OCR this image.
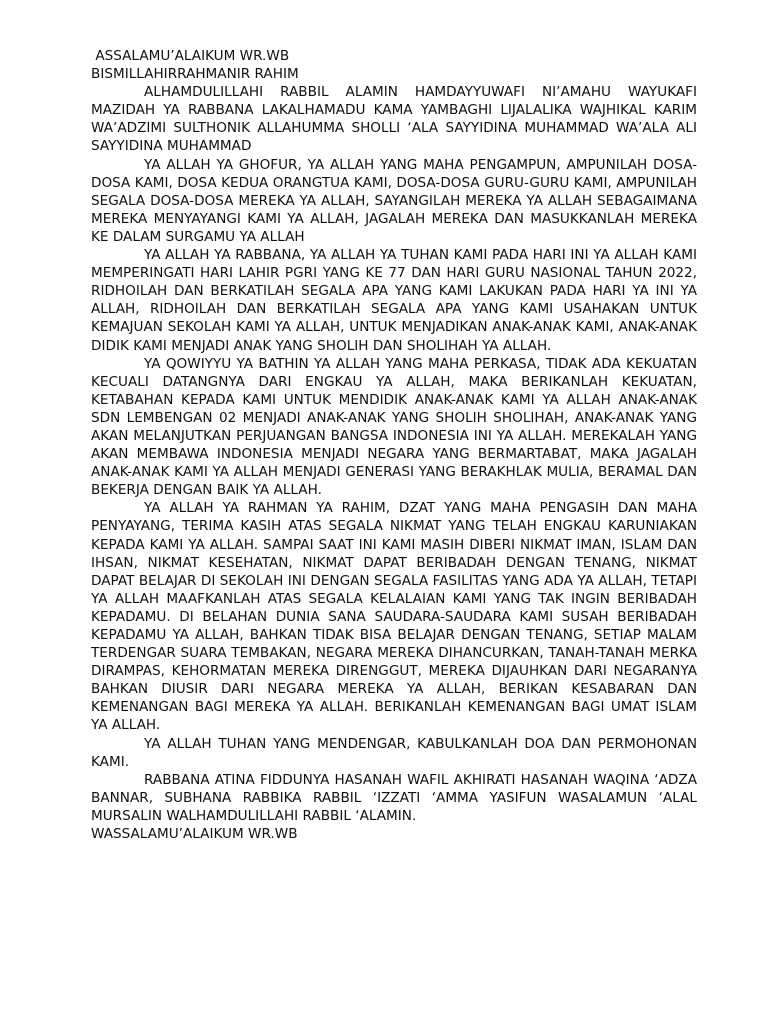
ASSALAMU’ALAIKUM WR.WB

BISMILLAHIRRAHMANIR RAHIM

ALHAMDULILLAHI RABBIL ALAMIN HAMDAYYUWAFI NI’AMAHU WAYUKAFI MAZIDAH YA RABBANA LAKALHAMADU KAMA YAMBAGHI LIJALALIKA WAJHIKAL KARIM WA’ADZIMI SULTHONIK ALLAHUMMA SHOLLI ‘ALA SAYYIDINA MUHAMMAD WA’ALA ALI SAYYIDINA MUHAMMAD

YA ALLAH YA GHOFUR, YA ALLAH YANG MAHA PENGAMPUN, AMPUNILAH DOSA-DOSA KAMI, DOSA KEDUA ORANGTUA KAMI, DOSA-DOSA GURU-GURU KAMI, AMPUNILAH SEGALA DOSA-DOSA MEREKA YA ALLAH, SAYANGILAH MEREKA YA ALLAH SEBAGAIMANA MEREKA MENYAYANGI KAMI YA ALLAH, JAGALAH MEREKA DAN MASUKKANLAH MEREKA KE DALAM SURGAMU YA ALLAH

YA ALLAH YA RABBANA, YA ALLAH YA TUHAN KAMI PADA HARI INI YA ALLAH KAMI MEMPERINGATI HARI LAHIR PGRI YANG KE 77 DAN HARI GURU NASIONAL TAHUN 2022, RIDHOILAH DAN BERKATILAH SEGALA APA YANG KAMI LAKUKAN PADA HARI YA INI YA ALLAH, RIDHOILAH DAN BERKATILAH SEGALA APA YANG KAMI USAHAKAN UNTUK KEMAJUAN SEKOLAH KAMI YA ALLAH, UNTUK MENJADIKAN ANAK-ANAK KAMI, ANAK-ANAK DIDIK KAMI MENJADI ANAK YANG SHOLIH DAN SHOLIHAH YA ALLAH.

YA QOWIYYU YA BATHIN YA ALLAH YANG MAHA PERKASA, TIDAK ADA KEKUATAN KECUALI DATANGNYA DARI ENGKAU YA ALLAH, MAKA BERIKANLAH KEKUATAN, KETABAHAN KEPADA KAMI UNTUK MENDIDIK ANAK-ANAK KAMI YA ALLAH ANAK-ANAK SDN LEMBENGAN 02 MENJADI ANAK-ANAK YANG SHOLIH SHOLIHAH, ANAK-ANAK YANG AKAN MELANJUTKAN PERJUANGAN BANGSA INDONESIA INI YA ALLAH. MEREKALAH YANG AKAN MEMBAWA INDONESIA MENJADI NEGARA YANG BERMARTABAT, MAKA JAGALAH ANAK-ANAK KAMI YA ALLAH MENJADI GENERASI YANG BERAKHLAK MULIA, BERAMAL DAN BEKERJA DENGAN BAIK YA ALLAH.

YA ALLAH YA RAHMAN YA RAHIM, DZAT YANG MAHA PENGASIH DAN MAHA PENYAYANG, TERIMA KASIH ATAS SEGALA NIKMAT YANG TELAH ENGKAU KARUNIAKAN KEPADA KAMI YA ALLAH. SAMPAI SAAT INI KAMI MASIH DIBERI NIKMAT IMAN, ISLAM DAN IHSAN, NIKMAT KESEHATAN, NIKMAT DAPAT BERIBADAH DENGAN TENANG, NIKMAT DAPAT BELAJAR DI SEKOLAH INI DENGAN SEGALA FASILITAS YANG ADA YA ALLAH, TETAPI YA ALLAH MAAFKANLAH ATAS SEGALA KELALAIAN KAMI YANG TAK INGIN BERIBADAH KEPADAMU. DI BELAHAN DUNIA SANA SAUDARA-SAUDARA KAMI SUSAH BERIBADAH KEPADAMU YA ALLAH, BAHKAN TIDAK BISA BELAJAR DENGAN TENANG, SETIAP MALAM TERDENGAR SUARA TEMBAKAN, NEGARA MEREKA DIHANCURKAN, TANAH-TANAH MERKA DIRAMPAS, KEHORMATAN MEREKA DIRENGGUT, MEREKA DIJAUHKAN DARI NEGARANYA BAHKAN DIUSIR DARI NEGARA MEREKA YA ALLAH, BERIKAN KESABARAN DAN KEMENANGAN BAGI MEREKA YA ALLAH. BERIKANLAH KEMENANGAN BAGI UMAT ISLAM YA ALLAH.

YA ALLAH TUHAN YANG MENDENGAR, KABULKANLAH DOA DAN PERMOHONAN KAMI.

RABBANA ATINA FIDDUNYA HASANAH WAFIL AKHIRATI HASANAH WAQINA ‘ADZA BANNAR, SUBHANA RABBIKA RABBIL ‘IZZATI ‘AMMA YASIFUN WASALAMUN ‘ALAL MURSALIN WALHAMDULILLAHI RABBIL ‘ALAMIN.

WASSALAMU’ALAIKUM WR.WB
